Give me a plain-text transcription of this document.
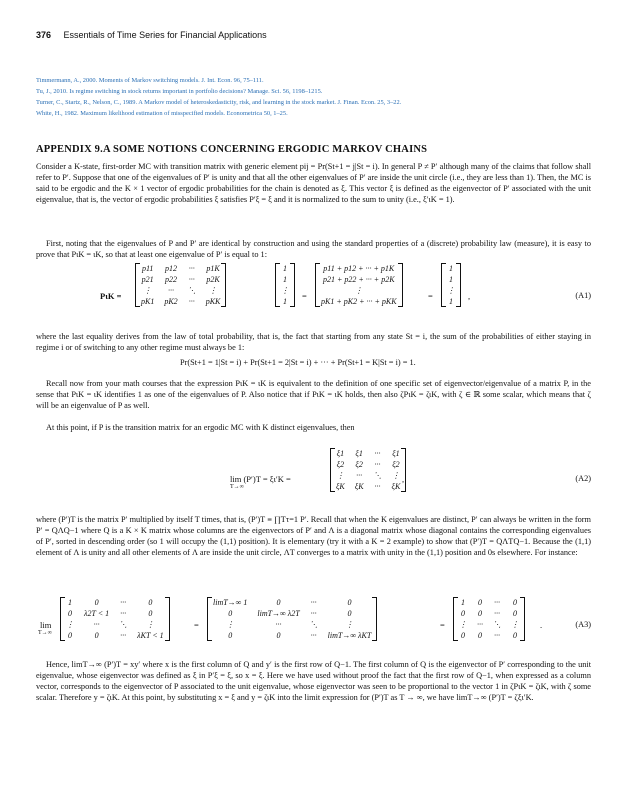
376 Essentials of Time Series for Financial Applications
Timmermann, A., 2000. Moments of Markov switching models. J. Int. Econ. 96, 75–111.
Tu, J., 2010. Is regime switching in stock returns important in portfolio decisions? Manage. Sci. 56, 1198–1215.
Turner, C., Startz, R., Nelson, C., 1989. A Markov model of heteroskedasticity, risk, and learning in the stock market. J. Finan. Econ. 25, 3–22.
White, H., 1982. Maximum likelihood estimation of misspecified models. Econometrica 50, 1–25.
APPENDIX 9.A SOME NOTIONS CONCERNING ERGODIC MARKOV CHAINS
Consider a K-state, first-order MC with transition matrix with generic element pij = Pr(St+1 = j|St = i). In general P ≠ P′ although many of the claims that follow shall refer to P′. Suppose that one of the eigenvalues of P′ is unity and that all the other eigenvalues of P′ are inside the unit circle (i.e., they are less than 1). Then, the MC is said to be ergodic and the K × 1 vector of ergodic probabilities for the chain is denoted as ξ. This vector ξ is defined as the eigenvector of P′ associated with the unit eigenvalue, that is, the vector of ergodic probabilities ξ satisfies P′ξ = ξ and it is normalized to the sum to unity (i.e., ξ′ιK = 1).
First, noting that the eigenvalues of P and P′ are identical by construction and using the standard properties of a (discrete) probability law (measure), it is easy to prove that PιK = ιK, so that at least one eigenvalue of P′ is equal to 1:
PιK =
p11	p12	···	p1K
p21	p22	···	p2K
⋮	···	⋱	⋮
pK1	pK2	···	pKK
1
1
⋮
1
=
p11 + p12 + ··· + p1K
p21 + p22 + ··· + p2K
⋮
pK1 + pK2 + ··· + pKK
=
1
1
⋮
1
,	(A1)
where the last equality derives from the law of total probability, that is, the fact that starting from any state St = i, the sum of the probabilities of either staying in regime i or of switching to any other regime must always be 1:
Pr(St+1 = 1|St = i) + Pr(St+1 = 2|St = i) + ··· + Pr(St+1 = K|St = i) = 1.
Recall now from your math courses that the expression PιK = ιK is equivalent to the definition of one specific set of eigenvector/eigenvalue of a matrix P, in the sense that PιK = ιK identifies 1 as one of the eigenvalues of P. Also notice that if PιK = ιK holds, then also ζPιK = ζιK, with ζ ∈ ℝ some scalar, which means that ζ will be an eigenvalue of P as well.
At this point, if P is the transition matrix for an ergodic MC with K distinct eigenvalues, then
lim (P′)T = ξι′K =
T→∞
ξ1	ξ1	···	ξ1
ξ2	ξ2	···	ξ2
⋮	···	⋱	⋮
ξK	ξK	···	ξK
,	(A2)
where (P′)T is the matrix P′ multiplied by itself T times, that is, (P′)T ≡ ∏Tτ=1 P′. Recall that when the K eigenvalues are distinct, P′ can always be written in the form P′ = QΛQ−1 where Q is a K × K matrix whose columns are the eigenvectors of P′ and Λ is a diagonal matrix whose diagonal contains the corresponding eigenvalues of P′, sorted in descending order (so 1 will occupy the (1,1) position). It is elementary (try it with a K = 2 example) to show that (P′)T = QΛTQ−1. Because the (1,1) element of Λ is unity and all other elements of Λ are inside the unit circle, ΛT converges to a matrix with unity in the (1,1) position and 0s elsewhere. For instance:
lim
T→∞
1	0	···	0
0	λ2T < 1	···	0
⋮	···	⋱	⋮
0	0	···	λKT < 1
=
limT→∞ 1	0	···	0
0	limT→∞ λ2T	···	0
⋮	···	⋱	⋮
0	0	···	limT→∞ λKT
=
1	0	···	0
0	0	···	0
⋮	···	⋱	⋮
0	0	···	0
.	(A3)
Hence, limT→∞ (P′)T = xy′ where x is the first column of Q and y′ is the first row of Q−1. The first column of Q is the eigenvector of P′ corresponding to the unit eigenvalue, whose eigenvector was defined as ξ in P′ξ = ξ, so x = ξ. Here we have used without proof the fact that the first row of Q−1, when expressed as a column vector, corresponds to the eigenvector of P associated to the unit eigenvalue, whose eigenvector was seen to be proportional to the vector 1 in ζPιK = ζιK, with ζ some scalar. Therefore y = ζιK. At this point, by substituting x = ξ and y = ζιK into the limit expression for (P′)T as T → ∞, we have limT→∞ (P′)T = ζξι′K.
